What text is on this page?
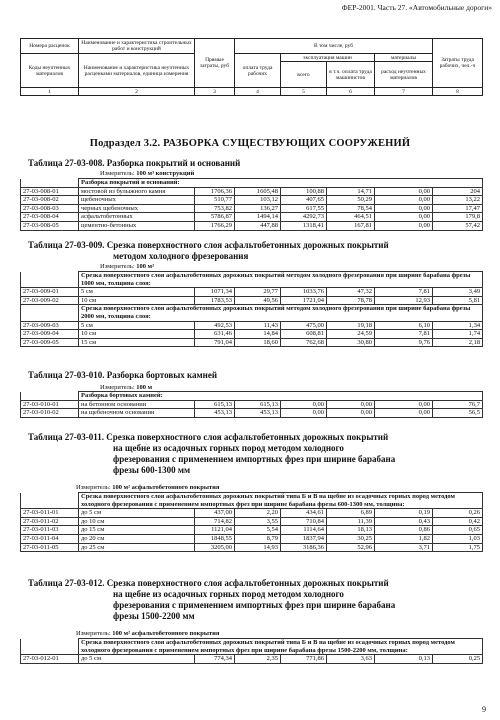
ФЕР-2001. Часть 27. «Автомобильные дороги»
Номера расценок	Наименование и характеристика строительных работ и конструкций	Прямые затраты, руб	В том числе, руб				Затраты труда рабочих, чел.-ч
Коды неучтенных материалов	Наименование и характеристика неучтенных расценками материалов, единица измерения		оплата труда рабочих	эксплуатация машин		материалы	
				всего	в т.ч. оплата труда машинистов	расход неучтенных материалов	
1	2	3	4	5	6	7	8
Подраздел 3.2. РАЗБОРКА СУЩЕСТВУЮЩИХ СООРУЖЕНИЙ
Таблица 27-03-008. Разборка покрытий и оснований
Измеритель: 100 м³ конструкций
	Разборка покрытий и оснований:						
27-03-008-01	мостовой из булыжного камня	1706,36	1605,48	100,88	14,71	0,00	204
27-03-008-02	щебеночных	510,77	103,12	407,65	50,29	0,00	13,22
27-03-008-03	черных щебеночных	753,82	136,27	617,55	78,54	0,00	17,47
27-03-008-04	асфальтобетонных	5786,87	1494,14	4292,73	464,51	0,00	179,8
27-03-008-05	цементно-бетонных	1766,29	447,88	1318,41	167,81	0,00	57,42
Таблица 27-03-009. Срезка поверхностного слоя асфальтобетонных дорожных покрытий
методом холодного фрезерования
Измеритель: 100 м²
	Срезка поверхностного слоя асфальтобетонных дорожных покрытий методом холодного фрезерования при ширине барабана фрезы 1000 мм, толщина слоя:						
27-03-009-01	5 см	1071,34	29,77	1033,76	47,32	7,81	3,49
27-03-009-02	10 см	1783,53	49,56	1721,04	78,78	12,93	5,81
	Срезка поверхностного слоя асфальтобетонных дорожных покрытий методом холодного фрезерования при ширине барабана фрезы 2000 мм, толщина слоя:						
27-03-009-03	5 см	492,53	11,43	475,00	19,18	6,10	1,34
27-03-009-04	10 см	631,46	14,84	608,81	24,59	7,81	1,74
27-03-009-05	15 см	791,04	18,60	762,68	30,80	9,76	2,18
Таблица 27-03-010. Разборка бортовых камней
Измеритель: 100 м
	Разборка бортовых камней:						
27-03-010-01	на бетонном основании	615,13	615,13	0,00	0,00	0,00	76,7
27-03-010-02	на щебеночном основании	453,13	453,13	0,00	0,00	0,00	56,5
Таблица 27-03-011. Срезка поверхностного слоя асфальтобетонных дорожных покрытий
на щебне из осадочных горных пород методом холодного
фрезерования с применением импортных фрез при ширине барабана
фрезы 600-1300 мм
Измеритель: 100 м² асфальтобетонного покрытия
	Срезка поверхностного слоя асфальтобетонных дорожных покрытий типа Б и В на щебне из осадочных горных пород методом холодного фрезерования с применением импортных фрез при ширине барабана фрезы 600-1300 мм, толщина:						
27-03-011-01	до 5 см	437,00	2,20	434,61	6,89	0,19	0,26
27-03-011-02	до 10 см	714,82	3,55	710,84	11,39	0,43	0,42
27-03-011-03	до 15 см	1121,04	5,54	1114,64	18,13	0,86	0,65
27-03-011-04	до 20 см	1848,55	8,79	1837,94	30,25	1,82	1,03
27-03-011-05	до 25 см	3205,00	14,93	3186,36	52,96	3,71	1,75
Таблица 27-03-012. Срезка поверхностного слоя асфальтобетонных дорожных покрытий
на щебне из осадочных горных пород методом холодного
фрезерования с применением импортных фрез при ширине барабана
фрезы 1500-2200 мм
Измеритель: 100 м² асфальтобетонного покрытия
	Срезка поверхностного слоя асфальтобетонных дорожных покрытий типа Б и В на щебне из осадочных горных пород методом холодного фрезерования с применением импортных фрез при ширине барабана фрезы 1500-2200 мм, толщина:						
27-03-012-01	до 5 см	774,34	2,35	771,86	3,63	0,13	0,25
9
